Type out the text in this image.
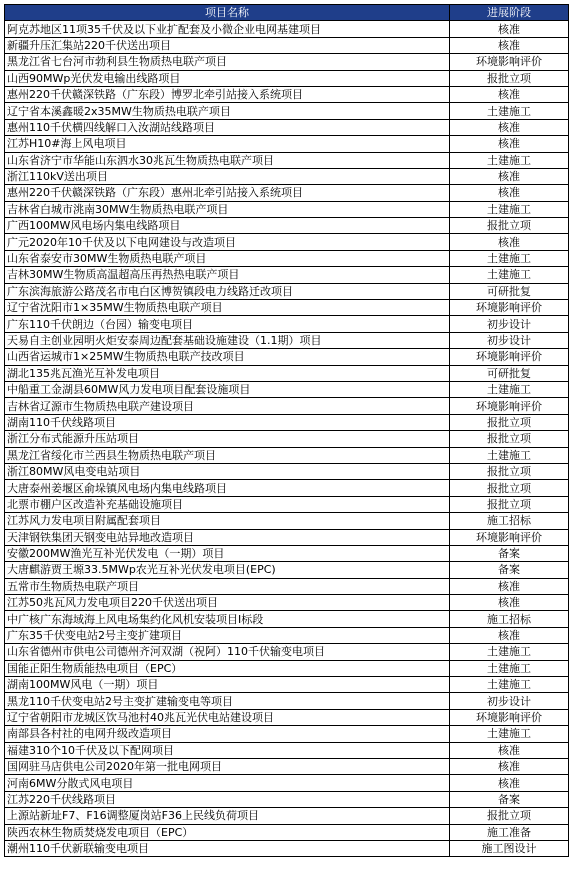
项目名称	进展阶段
阿克苏地区11项35千伏及以下业扩配套及小微企业电网基建项目	核准
新疆升压汇集站220千伏送出项目	核准
黑龙江省七台河市勃利县生物质热电联产项目	环境影响评价
山西90MWp光伏发电输出线路项目	报批立项
惠州220千伏赣深铁路（广东段）博罗北牵引站接入系统项目	核准
辽宁省本溪鑫暖2x35MW生物质热电联产项目	土建施工
惠州110千伏横四线解口入汝湖站线路项目	核准
江苏H10#海上风电项目	核准
山东省济宁市华能山东泗水30兆瓦生物质热电联产项目	土建施工
浙江110kV送出项目	核准
惠州220千伏赣深铁路（广东段）惠州北牵引站接入系统项目	核准
吉林省白城市洮南30MW生物质热电联产项目	土建施工
广西100MW风电场内集电线路项目	报批立项
广元2020年10千伏及以下电网建设与改造项目	核准
山东省泰安市30MW生物质热电联产项目	土建施工
吉林30MW生物质高温超高压再热热电联产项目	土建施工
广东滨海旅游公路茂名市电白区博贺镇段电力线路迁改项目	可研批复
辽宁省沈阳市1×35MW生物质热电联产项目	环境影响评价
广东110千伏朗边（台园）输变电项目	初步设计
天易自主创业园明火炬安泰周边配套基础设施建设（1.1期）项目	初步设计
山西省运城市1×25MW生物质热电联产技改项目	环境影响评价
湖北135兆瓦渔光互补发电项目	可研批复
中船重工金湖县60MW风力发电项目配套设施项目	土建施工
吉林省辽源市生物质热电联产建设项目	环境影响评价
湖南110千伏线路项目	报批立项
浙江分布式能源升压站项目	报批立项
黑龙江省绥化市兰西县生物质热电联产项目	土建施工
浙江80MW风电变电站项目	报批立项
大唐泰州姜堰区俞垛镇风电场内集电线路项目	报批立项
北票市棚户区改造补充基础设施项目	报批立项
江苏风力发电项目附属配套项目	施工招标
天津钢铁集团天钢变电站异地改造项目	环境影响评价
安徽200MW渔光互补光伏发电（一期）项目	备案
大唐麒游贾王塬33.5MWp农光互补光伏发电项目(EPC)	备案
五常市生物质热电联产项目	核准
江苏50兆瓦风力发电项目220千伏送出项目	核准
中广核广东海域海上风电场集约化风机安装项目I标段	施工招标
广东35千伏变电站2号主变扩建项目	核准
山东省德州市供电公司德州齐河双湖（祝阿）110千伏输变电项目	土建施工
国能正阳生物质能热电项目（EPC）	土建施工
湖南100MW风电（一期）项目	土建施工
黑龙110千伏变电站2号主变扩建输变电等项目	初步设计
辽宁省朝阳市龙城区饮马池村40兆瓦光伏电站建设项目	环境影响评价
南部县各村社的电网升级改造项目	土建施工
福建310个10千伏及以下配网项目	核准
国网驻马店供电公司2020年第一批电网项目	核准
河南6MW分散式风电项目	核准
江苏220千伏线路项目	备案
上源站新址F7、F16调整厦岗站F36上民线负荷项目	报批立项
陕西农林生物质焚烧发电项目（EPC）	施工准备
潮州110千伏新联输变电项目	施工图设计
